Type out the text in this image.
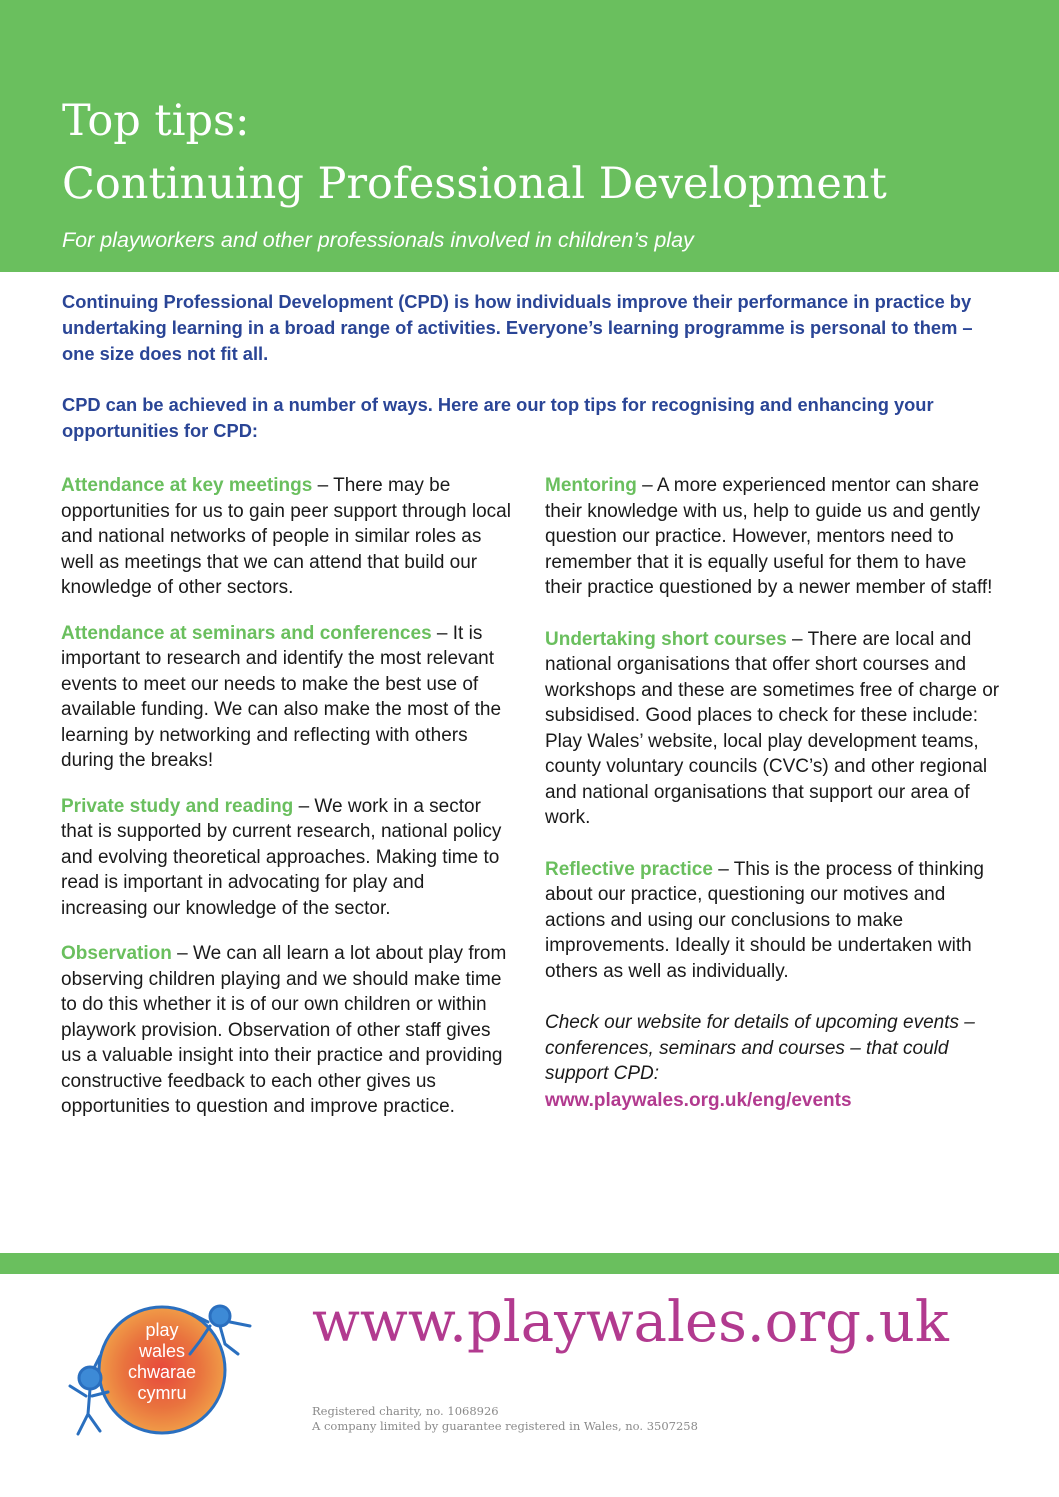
Top tips:
Continuing Professional Development

For playworkers and other professionals involved in children’s play

Continuing Professional Development (CPD) is how individuals improve their performance in practice by undertaking learning in a broad range of activities. Everyone’s learning programme is personal to them – one size does not fit all.

CPD can be achieved in a number of ways. Here are our top tips for recognising and enhancing your opportunities for CPD:

Attendance at key meetings – There may be opportunities for us to gain peer support through local and national networks of people in similar roles as well as meetings that we can attend that build our knowledge of other sectors.

Attendance at seminars and conferences – It is important to research and identify the most relevant events to meet our needs to make the best use of available funding. We can also make the most of the learning by networking and reflecting with others during the breaks!

Private study and reading – We work in a sector that is supported by current research, national policy and evolving theoretical approaches. Making time to read is important in advocating for play and increasing our knowledge of the sector.

Observation – We can all learn a lot about play from observing children playing and we should make time to do this whether it is of our own children or within playwork provision. Observation of other staff gives us a valuable insight into their practice and providing constructive feedback to each other gives us opportunities to question and improve practice.

Mentoring – A more experienced mentor can share their knowledge with us, help to guide us and gently question our practice. However, mentors need to remember that it is equally useful for them to have their practice questioned by a newer member of staff!

Undertaking short courses – There are local and national organisations that offer short courses and workshops and these are sometimes free of charge or subsidised. Good places to check for these include: Play Wales’ website, local play development teams, county voluntary councils (CVC’s) and other regional and national organisations that support our area of work.

Reflective practice – This is the process of thinking about our practice, questioning our motives and actions and using our conclusions to make improvements. Ideally it should be undertaken with others as well as individually.

Check our website for details of upcoming events – conferences, seminars and courses – that could support CPD:
www.playwales.org.uk/eng/events

play
wales
chwarae
cymru

www.playwales.org.uk

Registered charity, no. 1068926
A company limited by guarantee registered in Wales, no. 3507258
